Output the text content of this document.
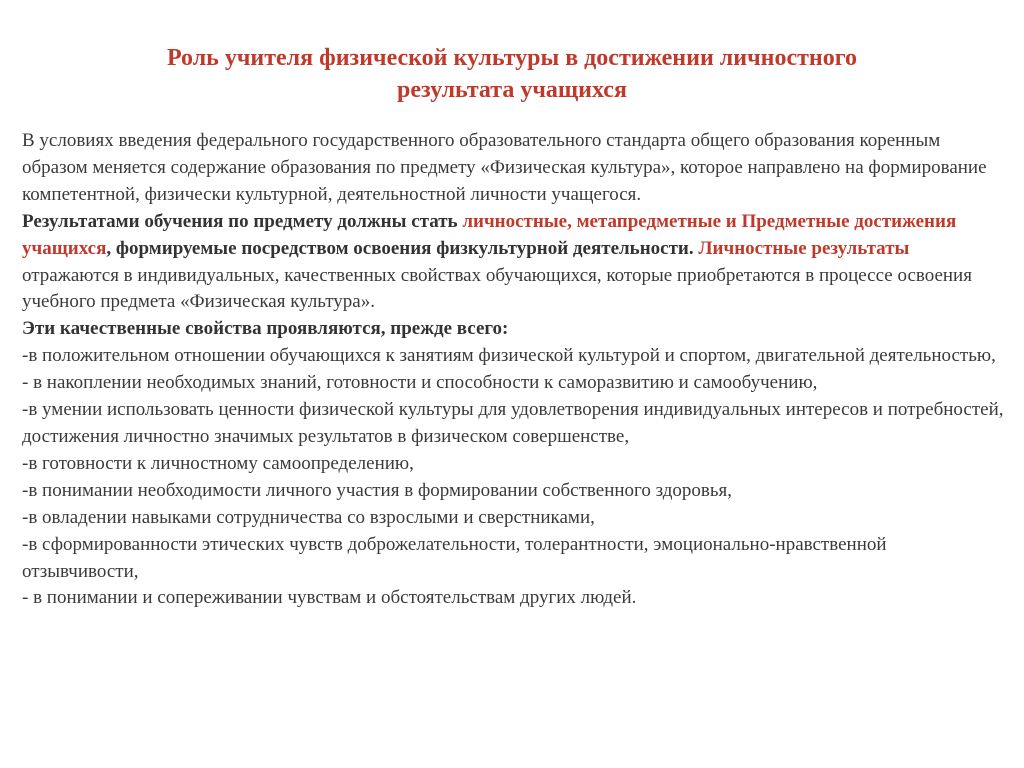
Роль учителя физической культуры в достижении личностного
результата учащихся
В условиях введения федерального государственного образовательного стандарта общего образования коренным образом меняется содержание образования по предмету «Физическая культура», которое направлено на формирование компетентной, физически культурной, деятельностной личности учащегося.
Результатами обучения по предмету должны стать личностные, метапредметные и Предметные достижения учащихся, формируемые посредством освоения физкультурной деятельности. Личностные результаты отражаются в индивидуальных, качественных свойствах обучающихся, которые приобретаются в процессе освоения учебного предмета «Физическая культура».
Эти качественные свойства проявляются, прежде всего:
-в положительном отношении обучающихся к занятиям физической культурой и спортом, двигательной деятельностью,
- в накоплении необходимых знаний, готовности и способности к саморазвитию и самообучению,
-в умении использовать ценности физической культуры для удовлетворения индивидуальных интересов и потребностей, достижения личностно значимых результатов в физическом совершенстве,
-в готовности к личностному самоопределению,
-в понимании необходимости личного участия в формировании собственного здоровья,
-в овладении навыками сотрудничества со взрослыми и сверстниками,
-в сформированности этических чувств доброжелательности, толерантности, эмоционально-нравственной отзывчивости,
- в понимании и сопереживании чувствам и обстоятельствам других людей.
